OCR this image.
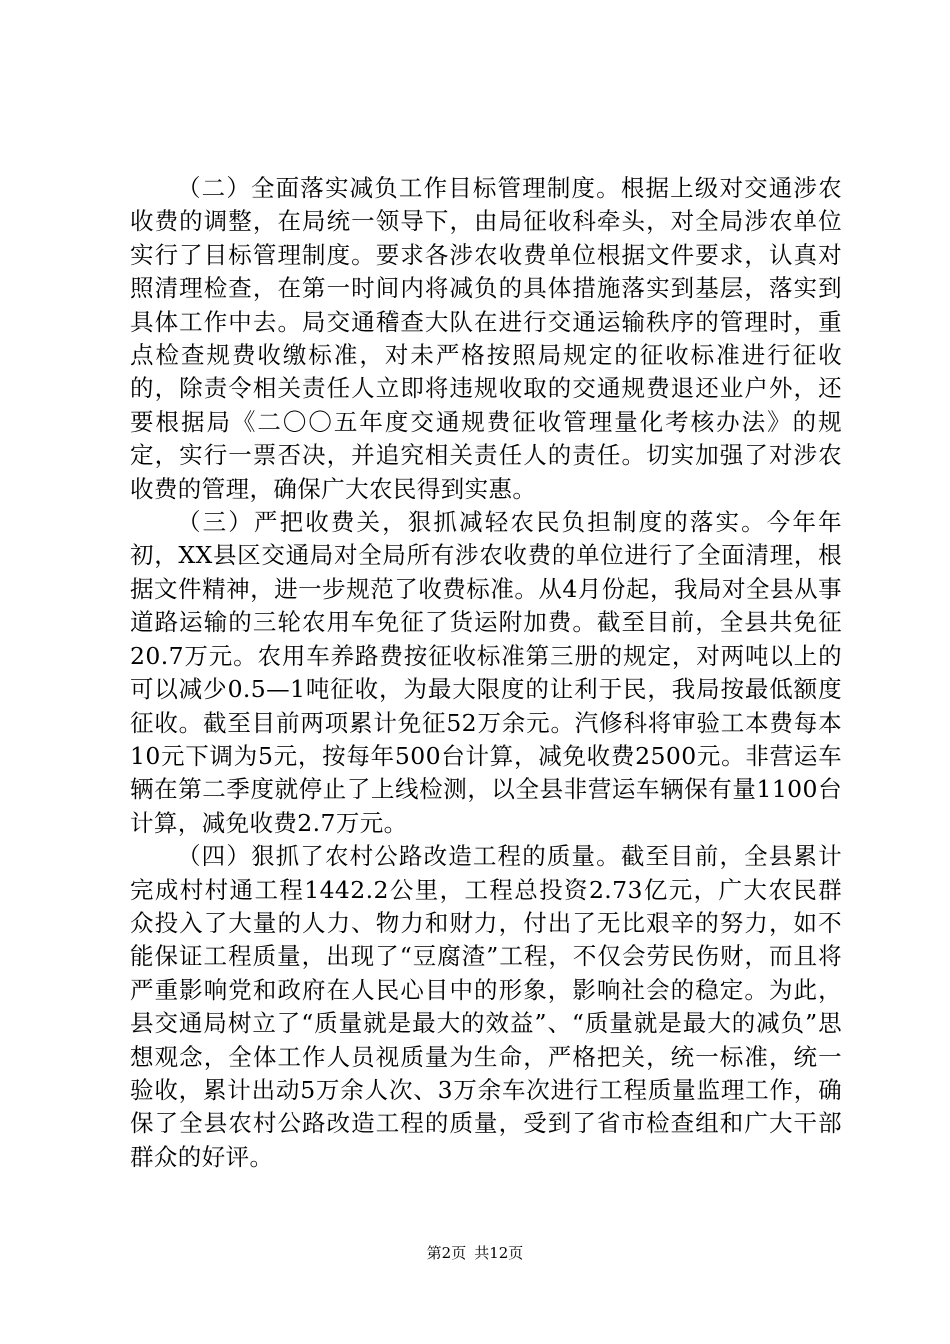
（二）全面落实减负工作目标管理制度。根据上级对交通涉农收费的调整，在局统一领导下，由局征收科牵头，对全局涉农单位实行了目标管理制度。要求各涉农收费单位根据文件要求，认真对照清理检查，在第一时间内将减负的具体措施落实到基层，落实到具体工作中去。局交通稽查大队在进行交通运输秩序的管理时，重点检查规费收缴标准，对未严格按照局规定的征收标准进行征收的，除责令相关责任人立即将违规收取的交通规费退还业户外，还要根据局《二〇〇五年度交通规费征收管理量化考核办法》的规定，实行一票否决，并追究相关责任人的责任。切实加强了对涉农收费的管理，确保广大农民得到实惠。

（三）严把收费关，狠抓减轻农民负担制度的落实。今年年初，XX县区交通局对全局所有涉农收费的单位进行了全面清理，根据文件精神，进一步规范了收费标准。从4月份起，我局对全县从事道路运输的三轮农用车免征了货运附加费。截至目前，全县共免征20.7万元。农用车养路费按征收标准第三册的规定，对两吨以上的可以减少0.5—1吨征收，为最大限度的让利于民，我局按最低额度征收。截至目前两项累计免征52万余元。汽修科将审验工本费每本10元下调为5元，按每年500台计算，减免收费2500元。非营运车辆在第二季度就停止了上线检测，以全县非营运车辆保有量1100台计算，减免收费2.7万元。

（四）狠抓了农村公路改造工程的质量。截至目前，全县累计完成村村通工程1442.2公里，工程总投资2.73亿元，广大农民群众投入了大量的人力、物力和财力，付出了无比艰辛的努力，如不能保证工程质量，出现了“豆腐渣”工程，不仅会劳民伤财，而且将严重影响党和政府在人民心目中的形象，影响社会的稳定。为此，县交通局树立了“质量就是最大的效益”、“质量就是最大的减负”思想观念，全体工作人员视质量为生命，严格把关，统一标准，统一验收，累计出动5万余人次、3万余车次进行工程质量监理工作，确保了全县农村公路改造工程的质量，受到了省市检查组和广大干部群众的好评。

第2页 共12页
